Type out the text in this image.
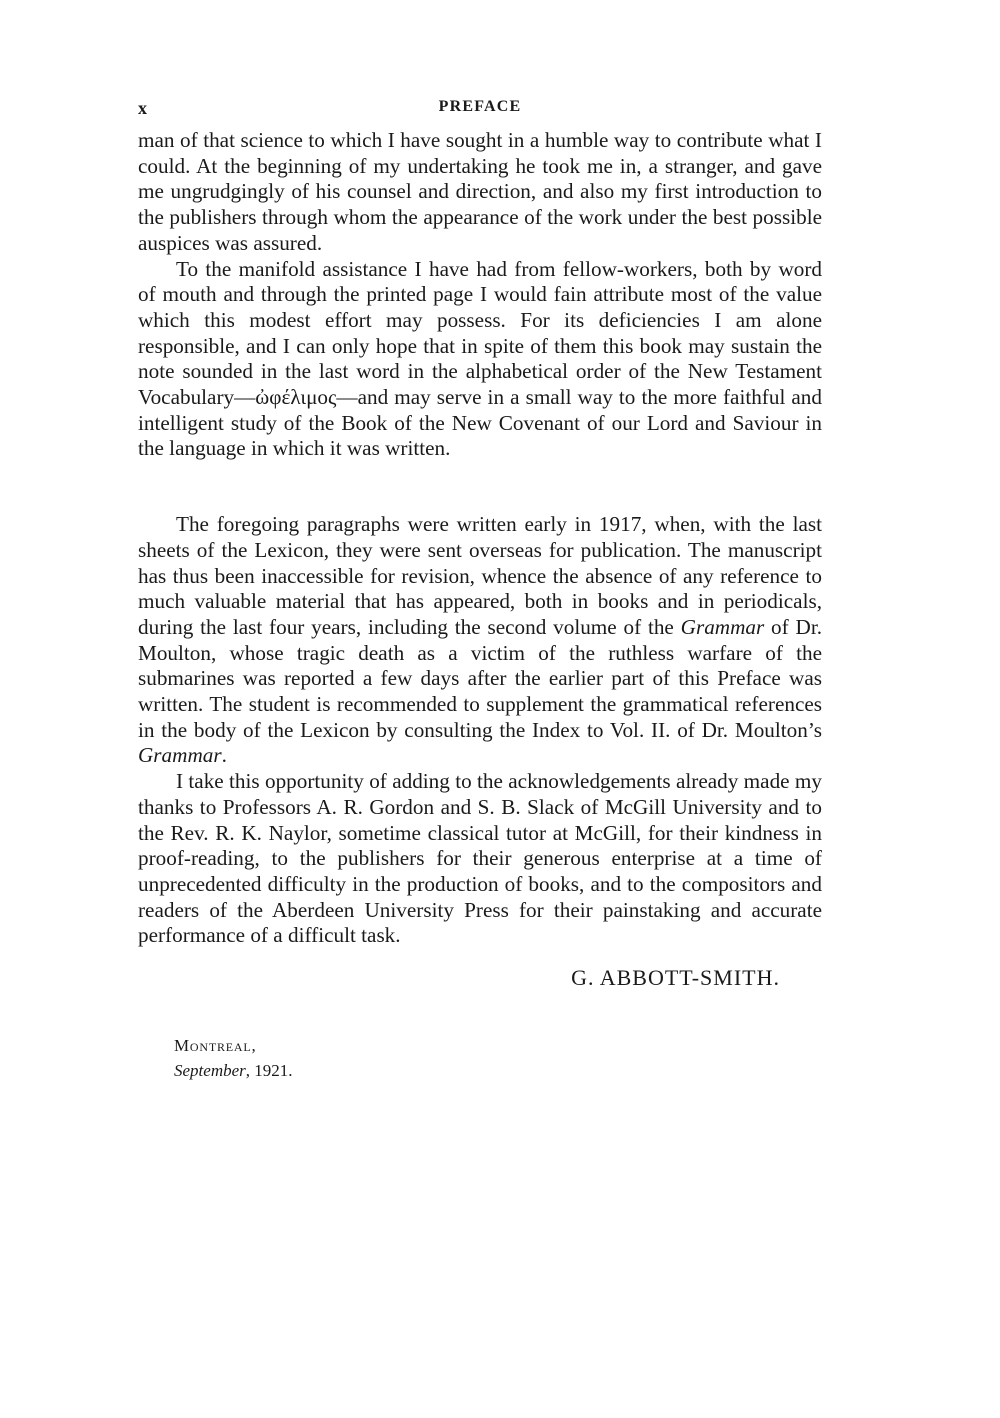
x	PREFACE

man of that science to which I have sought in a humble way to contribute what I could. At the beginning of my undertaking he took me in, a stranger, and gave me ungrudgingly of his counsel and direction, and also my first introduction to the publishers through whom the appearance of the work under the best possible auspices was assured.

To the manifold assistance I have had from fellow-workers, both by word of mouth and through the printed page I would fain attribute most of the value which this modest effort may possess. For its deficiencies I am alone responsible, and I can only hope that in spite of them this book may sustain the note sounded in the last word in the alphabetical order of the New Testament Vocabulary—ὠφέλιμος—and may serve in a small way to the more faithful and intelligent study of the Book of the New Covenant of our Lord and Saviour in the language in which it was written.

The foregoing paragraphs were written early in 1917, when, with the last sheets of the Lexicon, they were sent overseas for publication. The manuscript has thus been inaccessible for revision, whence the absence of any reference to much valuable material that has appeared, both in books and in periodicals, during the last four years, including the second volume of the Grammar of Dr. Moulton, whose tragic death as a victim of the ruthless warfare of the submarines was reported a few days after the earlier part of this Preface was written. The student is recommended to supplement the grammatical references in the body of the Lexicon by consulting the Index to Vol. II. of Dr. Moulton’s Grammar.

I take this opportunity of adding to the acknowledgements already made my thanks to Professors A. R. Gordon and S. B. Slack of McGill University and to the Rev. R. K. Naylor, sometime classical tutor at McGill, for their kindness in proof-reading, to the publishers for their generous enterprise at a time of unprecedented difficulty in the production of books, and to the compositors and readers of the Aberdeen University Press for their painstaking and accurate performance of a difficult task.

G. ABBOTT-SMITH.
Montreal,
September, 1921.
